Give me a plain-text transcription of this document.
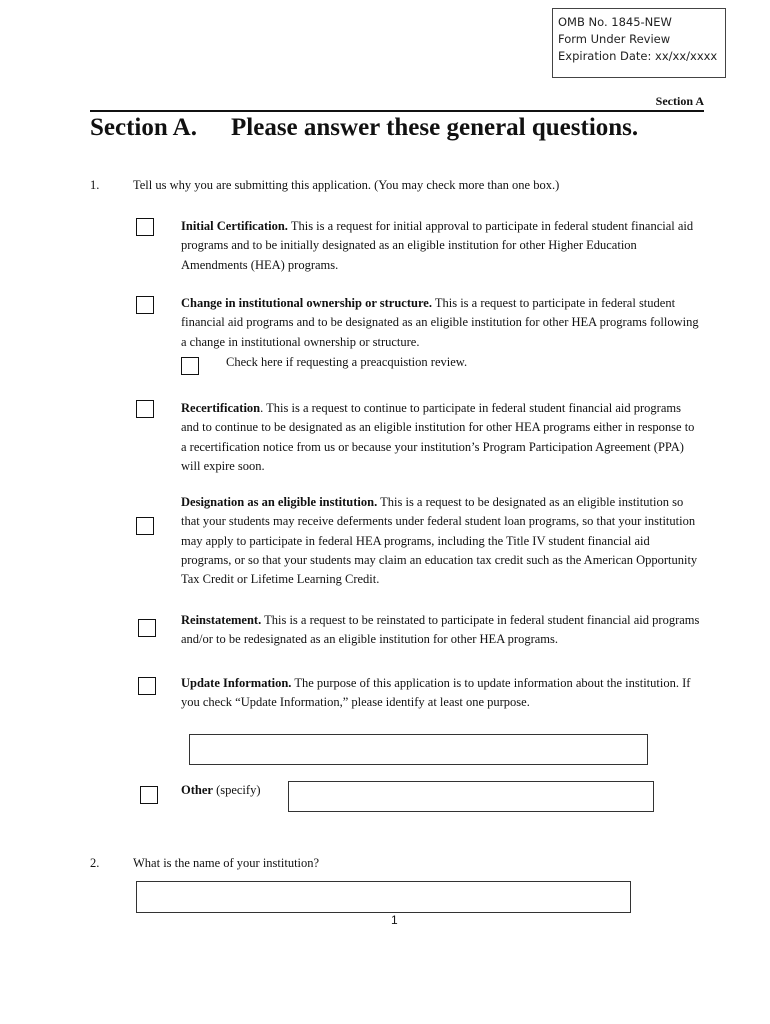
OMB No. 1845-NEW
Form Under Review
Expiration Date: xx/xx/xxxx
Section A
Section A. Please answer these general questions.
1.	Tell us why you are submitting this application. (You may check more than one box.)
Initial Certification. This is a request for initial approval to participate in federal student financial aid programs and to be initially designated as an eligible institution for other Higher Education Amendments (HEA) programs.
Change in institutional ownership or structure. This is a request to participate in federal student financial aid programs and to be designated as an eligible institution for other HEA programs following a change in institutional ownership or structure.
Check here if requesting a preacquistion review.
Recertification. This is a request to continue to participate in federal student financial aid programs and to continue to be designated as an eligible institution for other HEA programs either in response to a recertification notice from us or because your institution’s Program Participation Agreement (PPA) will expire soon.
Designation as an eligible institution. This is a request to be designated as an eligible institution so that your students may receive deferments under federal student loan programs, so that your institution may apply to participate in federal HEA programs, including the Title IV student financial aid programs, or so that your students may claim an education tax credit such as the American Opportunity Tax Credit or Lifetime Learning Credit.
Reinstatement. This is a request to be reinstated to participate in federal student financial aid programs and/or to be redesignated as an eligible institution for other HEA programs.
Update Information. The purpose of this application is to update information about the institution. If you check “Update Information,” please identify at least one purpose.
Other (specify)
2.	What is the name of your institution?
1
